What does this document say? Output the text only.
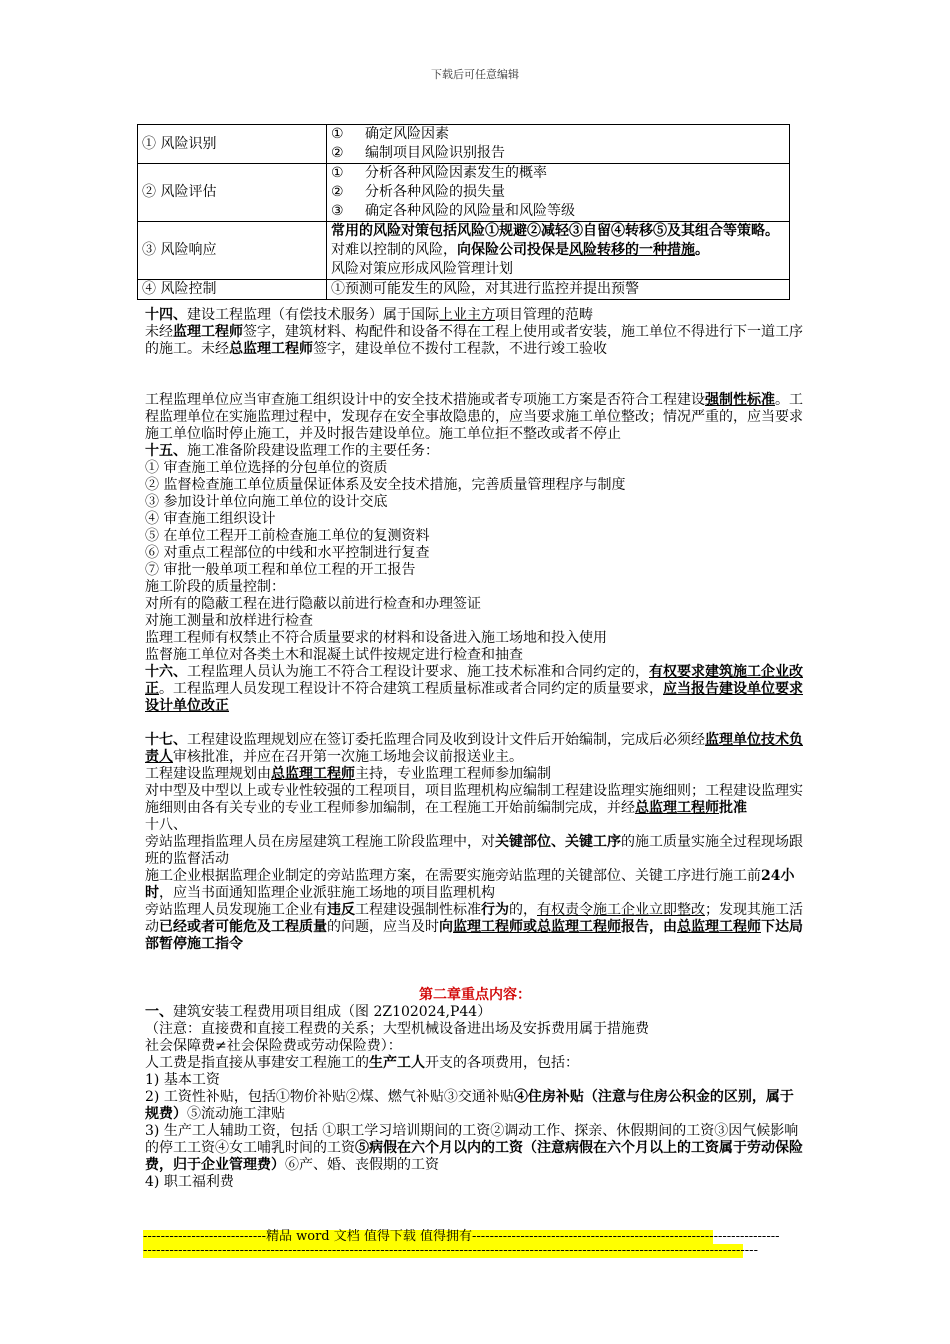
下载后可任意编辑
① 风险识别	① 确定风险因素
② 编制项目风险识别报告

② 风险评估	① 分析各种风险因素发生的概率
② 分析各种风险的损失量
③ 确定各种风险的风险量和风险等级

③ 风险响应	常用的风险对策包括风险①规避②减轻③自留④转移⑤及其组合等策略。对难以控制的风险，向保险公司投保是风险转移的一种措施。
风险对策应形成风险管理计划

④ 风险控制	①预测可能发生的风险，对其进行监控并提出预警

十四、建设工程监理（有偿技术服务）属于国际上业主方项目管理的范畴

未经监理工程师签字，建筑材料、构配件和设备不得在工程上使用或者安装，施工单位不得进行下一道工序的施工。未经总监理工程师签字，建设单位不拨付工程款，不进行竣工验收

工程监理单位应当审查施工组织设计中的安全技术措施或者专项施工方案是否符合工程建设强制性标准。工程监理单位在实施监理过程中，发现存在安全事故隐患的，应当要求施工单位整改；情况严重的，应当要求施工单位临时停止施工，并及时报告建设单位。施工单位拒不整改或者不停止

十五、施工准备阶段建设监理工作的主要任务：

① 审查施工单位选择的分包单位的资质

② 监督检查施工单位质量保证体系及安全技术措施，完善质量管理程序与制度

③ 参加设计单位向施工单位的设计交底

④ 审查施工组织设计

⑤ 在单位工程开工前检查施工单位的复测资料

⑥ 对重点工程部位的中线和水平控制进行复查

⑦ 审批一般单项工程和单位工程的开工报告

施工阶段的质量控制：

对所有的隐蔽工程在进行隐蔽以前进行检查和办理签证

对施工测量和放样进行检查

监理工程师有权禁止不符合质量要求的材料和设备进入施工场地和投入使用

监督施工单位对各类土木和混凝土试件按规定进行检查和抽查

十六、工程监理人员认为施工不符合工程设计要求、施工技术标准和合同约定的，有权要求建筑施工企业改正。工程监理人员发现工程设计不符合建筑工程质量标准或者合同约定的质量要求，应当报告建设单位要求设计单位改正

十七、工程建设监理规划应在签订委托监理合同及收到设计文件后开始编制，完成后必须经监理单位技术负责人审核批准，并应在召开第一次施工场地会议前报送业主。

工程建设监理规划由总监理工程师主持，专业监理工程师参加编制

对中型及中型以上或专业性较强的工程项目，项目监理机构应编制工程建设监理实施细则；工程建设监理实施细则由各有关专业的专业工程师参加编制，在工程施工开始前编制完成，并经总监理工程师批准

十八、

旁站监理指监理人员在房屋建筑工程施工阶段监理中，对关键部位、关键工序的施工质量实施全过程现场跟班的监督活动

施工企业根据监理企业制定的旁站监理方案，在需要实施旁站监理的关键部位、关键工序进行施工前24小时，应当书面通知监理企业派驻施工场地的项目监理机构

旁站监理人员发现施工企业有违反工程建设强制性标准行为的，有权责令施工企业立即整改；发现其施工活动已经或者可能危及工程质量的问题，应当及时向监理工程师或总监理工程师报告，由总监理工程师下达局部暂停施工指令

第二章重点内容：

一、建筑安装工程费用项目组成（图 2Z102024,P44）

（注意：直接费和直接工程费的关系；大型机械设备进出场及安拆费用属于措施费

社会保障费≠社会保险费或劳动保险费）：

人工费是指直接从事建安工程施工的生产工人开支的各项费用，包括：

1) 基本工资

2) 工资性补贴，包括①物价补贴②煤、燃气补贴③交通补贴④住房补贴（注意与住房公积金的区别，属于规费）⑤流动施工津贴

3) 生产工人辅助工资，包括 ①职工学习培训期间的工资②调动工作、探亲、休假期间的工资③因气候影响的停工工资④女工哺乳时间的工资⑤病假在六个月以内的工资（注意病假在六个月以上的工资属于劳动保险费，归于企业管理费）⑥产、婚、丧假期的工资

4) 职工福利费

----------------------------精品 word 文档 值得下载 值得拥有----------------------------------------------------------------------
--------------------------------------------------------------------------------------------------------------------------------------------
